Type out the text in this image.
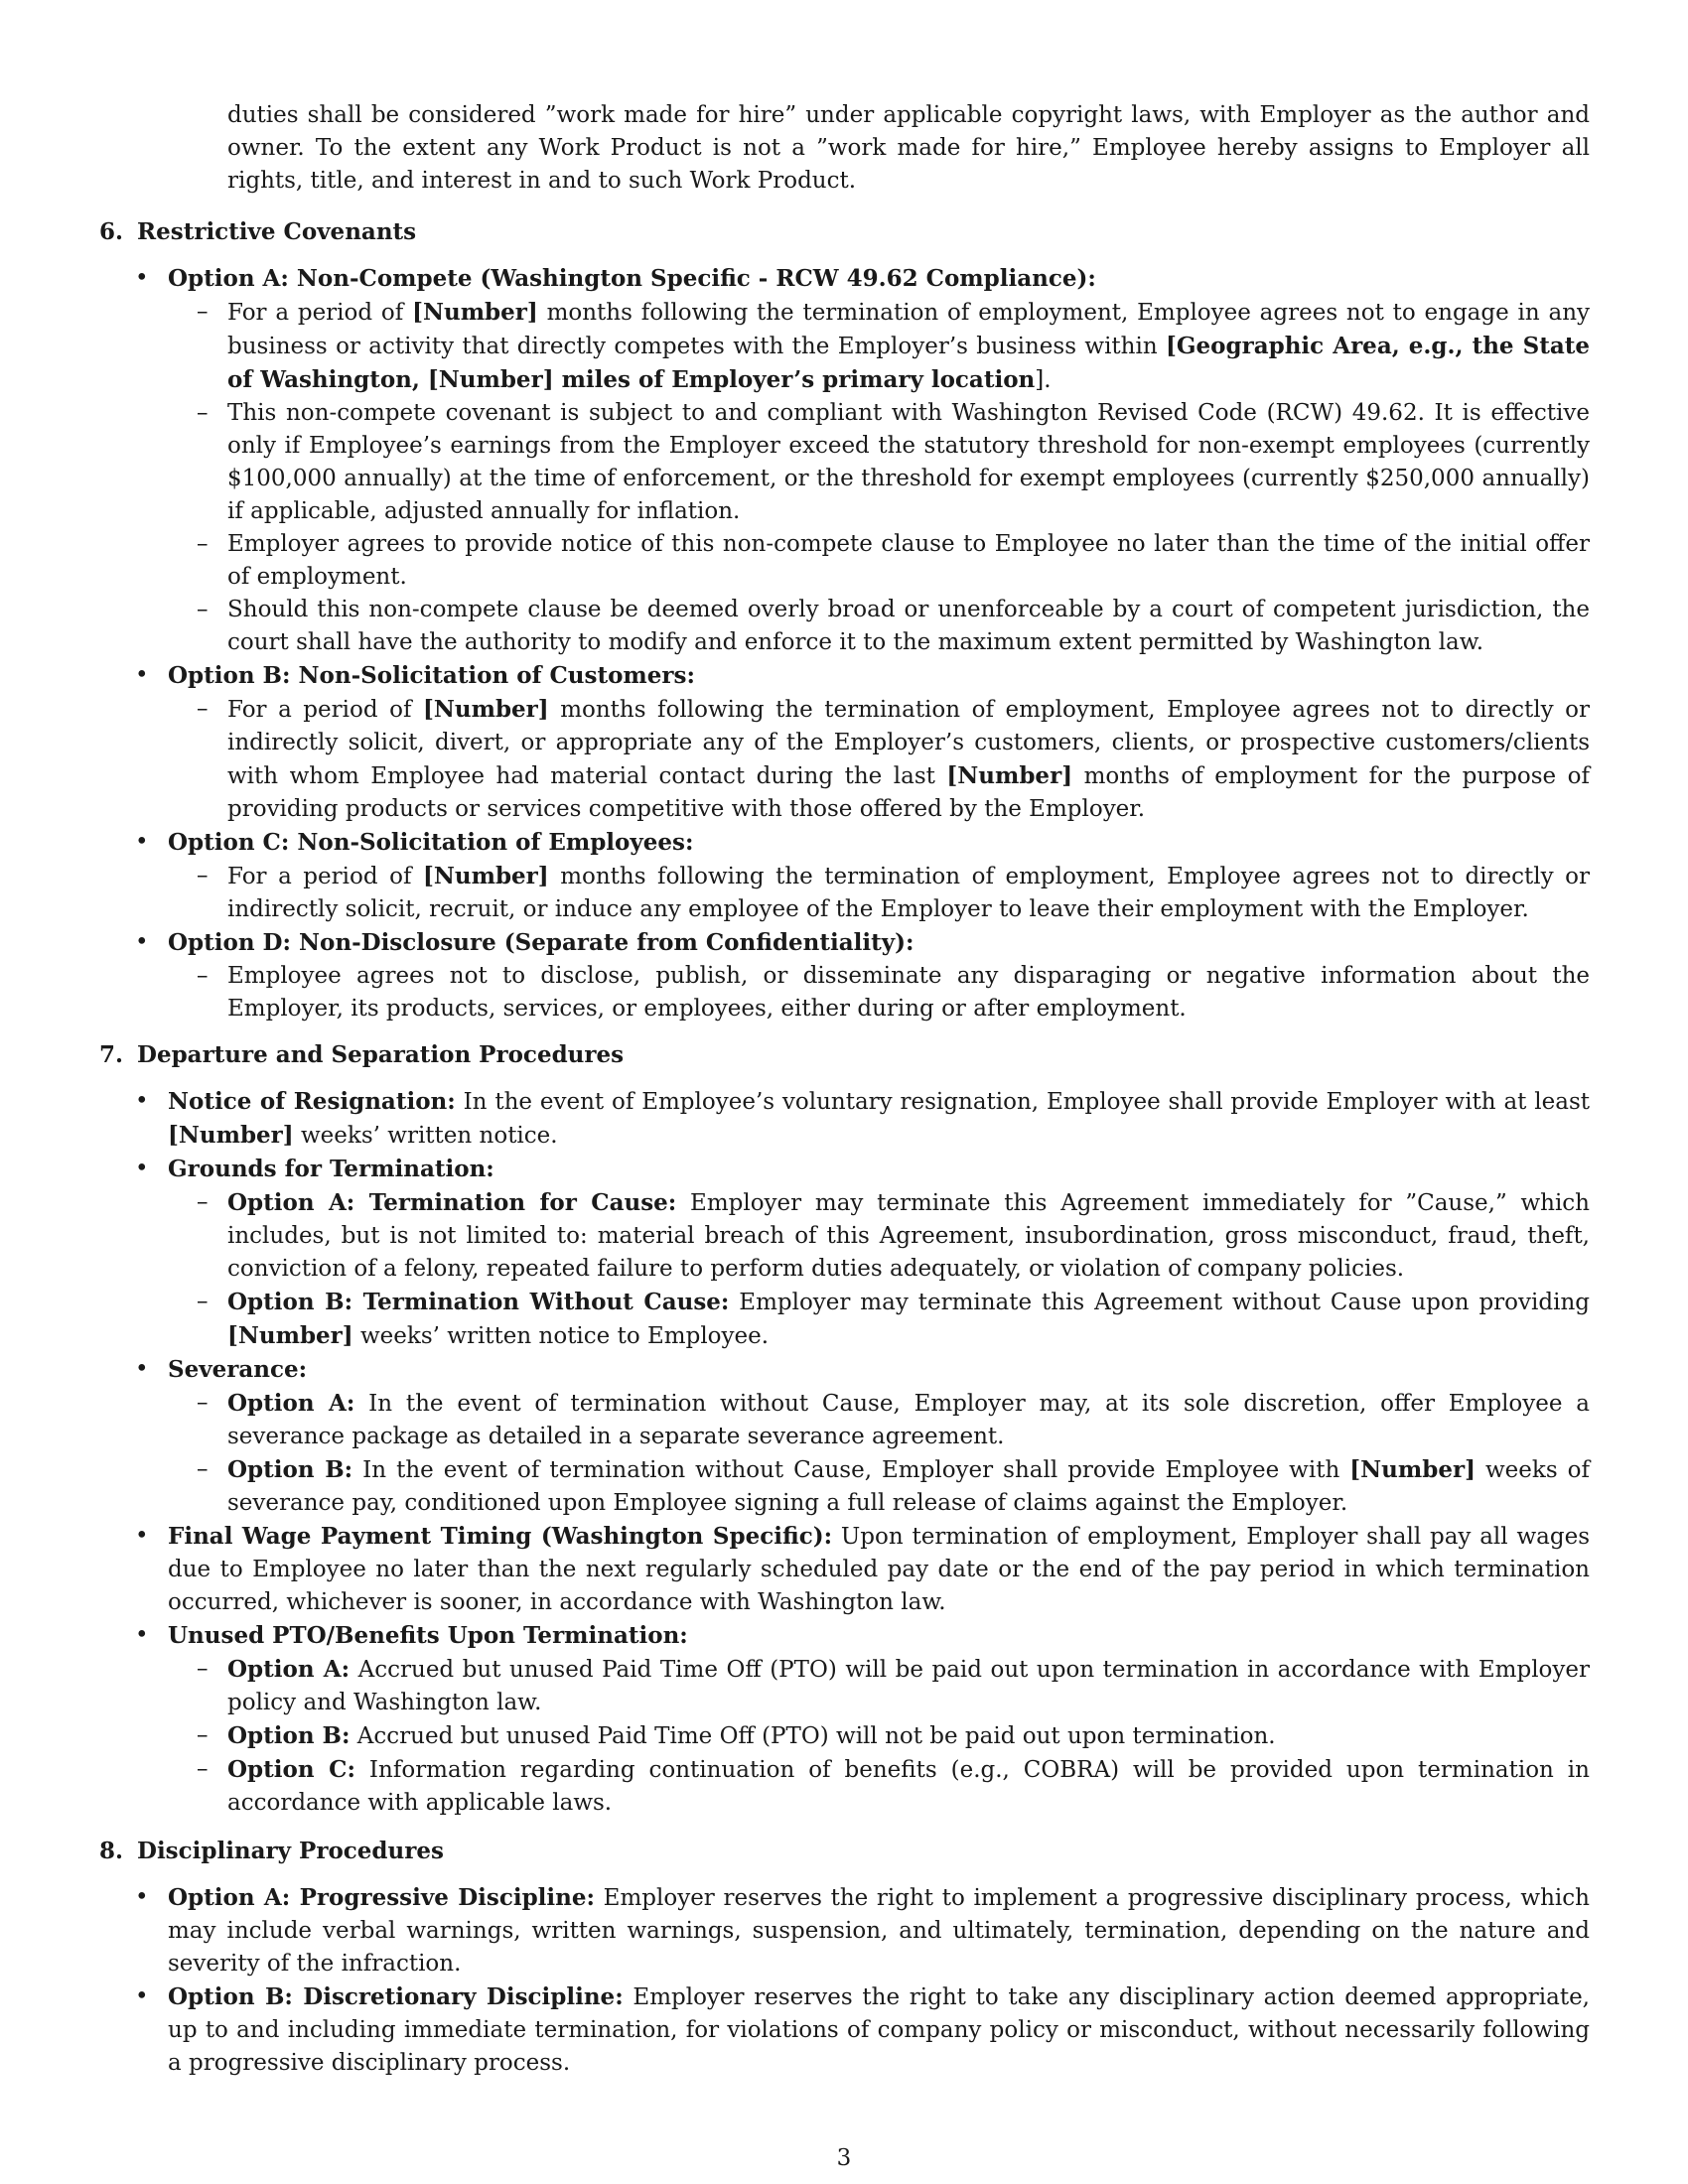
duties shall be considered ”work made for hire” under applicable copyright laws, with Employer as the author and owner. To the extent any Work Product is not a ”work made for hire,” Employee hereby assigns to Employer all rights, title, and interest in and to such Work Product.
6. Restrictive Covenants
• Option A: Non-Compete (Washington Specific - RCW 49.62 Compliance):
– For a period of [Number] months following the termination of employment, Employee agrees not to engage in any business or activity that directly competes with the Employer’s business within [Geographic Area, e.g., the State of Washington, [Number] miles of Employer’s primary location].
– This non-compete covenant is subject to and compliant with Washington Revised Code (RCW) 49.62. It is effective only if Employee’s earnings from the Employer exceed the statutory threshold for non-exempt employees (currently $100,000 annually) at the time of enforcement, or the threshold for exempt employees (currently $250,000 annually) if applicable, adjusted annually for inflation.
– Employer agrees to provide notice of this non-compete clause to Employee no later than the time of the initial offer of employment.
– Should this non-compete clause be deemed overly broad or unenforceable by a court of competent jurisdiction, the court shall have the authority to modify and enforce it to the maximum extent permitted by Washington law.
• Option B: Non-Solicitation of Customers:
– For a period of [Number] months following the termination of employment, Employee agrees not to directly or indirectly solicit, divert, or appropriate any of the Employer’s customers, clients, or prospective customers/clients with whom Employee had material contact during the last [Number] months of employment for the purpose of providing products or services competitive with those offered by the Employer.
• Option C: Non-Solicitation of Employees:
– For a period of [Number] months following the termination of employment, Employee agrees not to directly or indirectly solicit, recruit, or induce any employee of the Employer to leave their employment with the Employer.
• Option D: Non-Disclosure (Separate from Confidentiality):
– Employee agrees not to disclose, publish, or disseminate any disparaging or negative information about the Employer, its products, services, or employees, either during or after employment.
7. Departure and Separation Procedures
• Notice of Resignation: In the event of Employee’s voluntary resignation, Employee shall provide Employer with at least [Number] weeks’ written notice.
• Grounds for Termination:
– Option A: Termination for Cause: Employer may terminate this Agreement immediately for ”Cause,” which includes, but is not limited to: material breach of this Agreement, insubordination, gross misconduct, fraud, theft, conviction of a felony, repeated failure to perform duties adequately, or violation of company policies.
– Option B: Termination Without Cause: Employer may terminate this Agreement without Cause upon providing [Number] weeks’ written notice to Employee.
• Severance:
– Option A: In the event of termination without Cause, Employer may, at its sole discretion, offer Employee a severance package as detailed in a separate severance agreement.
– Option B: In the event of termination without Cause, Employer shall provide Employee with [Number] weeks of severance pay, conditioned upon Employee signing a full release of claims against the Employer.
• Final Wage Payment Timing (Washington Specific): Upon termination of employment, Employer shall pay all wages due to Employee no later than the next regularly scheduled pay date or the end of the pay period in which termination occurred, whichever is sooner, in accordance with Washington law.
• Unused PTO/Benefits Upon Termination:
– Option A: Accrued but unused Paid Time Off (PTO) will be paid out upon termination in accordance with Employer policy and Washington law.
– Option B: Accrued but unused Paid Time Off (PTO) will not be paid out upon termination.
– Option C: Information regarding continuation of benefits (e.g., COBRA) will be provided upon termination in accordance with applicable laws.
8. Disciplinary Procedures
• Option A: Progressive Discipline: Employer reserves the right to implement a progressive disciplinary process, which may include verbal warnings, written warnings, suspension, and ultimately, termination, depending on the nature and severity of the infraction.
• Option B: Discretionary Discipline: Employer reserves the right to take any disciplinary action deemed appropriate, up to and including immediate termination, for violations of company policy or misconduct, without necessarily following a progressive disciplinary process.
3
